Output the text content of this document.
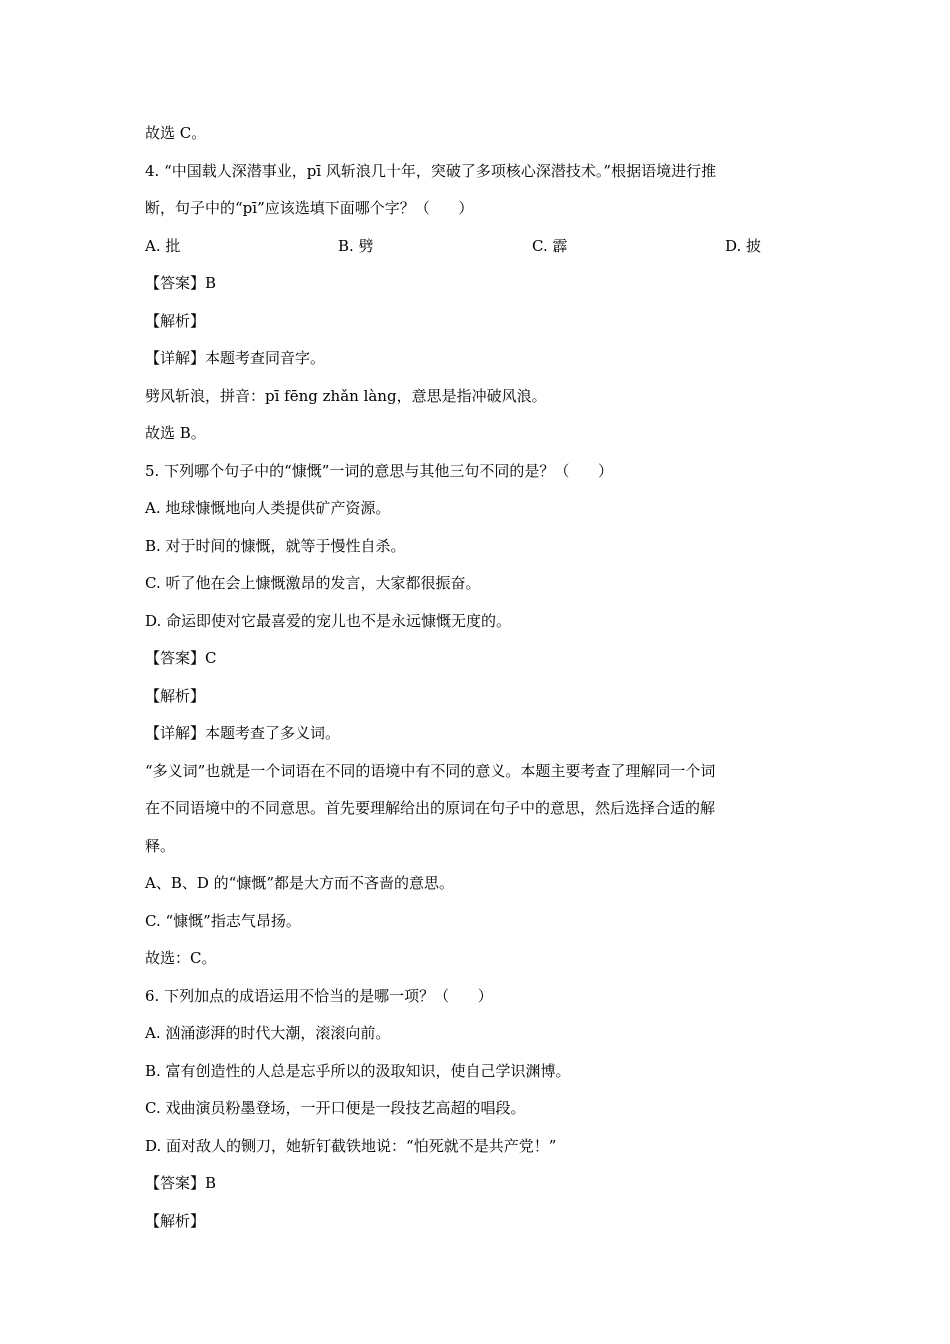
故选 C。
4. “中国载人深潜事业，pī 风斩浪几十年，突破了多项核心深潜技术。”根据语境进行推
断，句子中的“pī”应该选填下面哪个字？（      ）
A. 批	B. 劈	C. 霹	D. 披
【答案】B
【解析】
【详解】本题考查同音字。
劈风斩浪，拼音：pī fēng zhǎn làng，意思是指冲破风浪。
故选 B。
5. 下列哪个句子中的“慷慨”一词的意思与其他三句不同的是？（      ）
A. 地球慷慨地向人类提供矿产资源。
B. 对于时间的慷慨，就等于慢性自杀。
C. 听了他在会上慷慨激昂的发言，大家都很振奋。
D. 命运即使对它最喜爱的宠儿也不是永远慷慨无度的。
【答案】C
【解析】
【详解】本题考查了多义词。
“多义词”也就是一个词语在不同的语境中有不同的意义。本题主要考查了理解同一个词
在不同语境中的不同意思。首先要理解给出的原词在句子中的意思，然后选择合适的解
释。
A、B、D 的“慷慨”都是大方而不吝啬的意思。
C. “慷慨”指志气昂扬。
故选：C。
6. 下列加点的成语运用不恰当的是哪一项？（      ）
A. 汹涌澎湃的时代大潮，滚滚向前。
B. 富有创造性的人总是忘乎所以的汲取知识，使自己学识渊博。
C. 戏曲演员粉墨登场，一开口便是一段技艺高超的唱段。
D. 面对敌人的铡刀，她斩钉截铁地说：“怕死就不是共产党！”
【答案】B
【解析】
